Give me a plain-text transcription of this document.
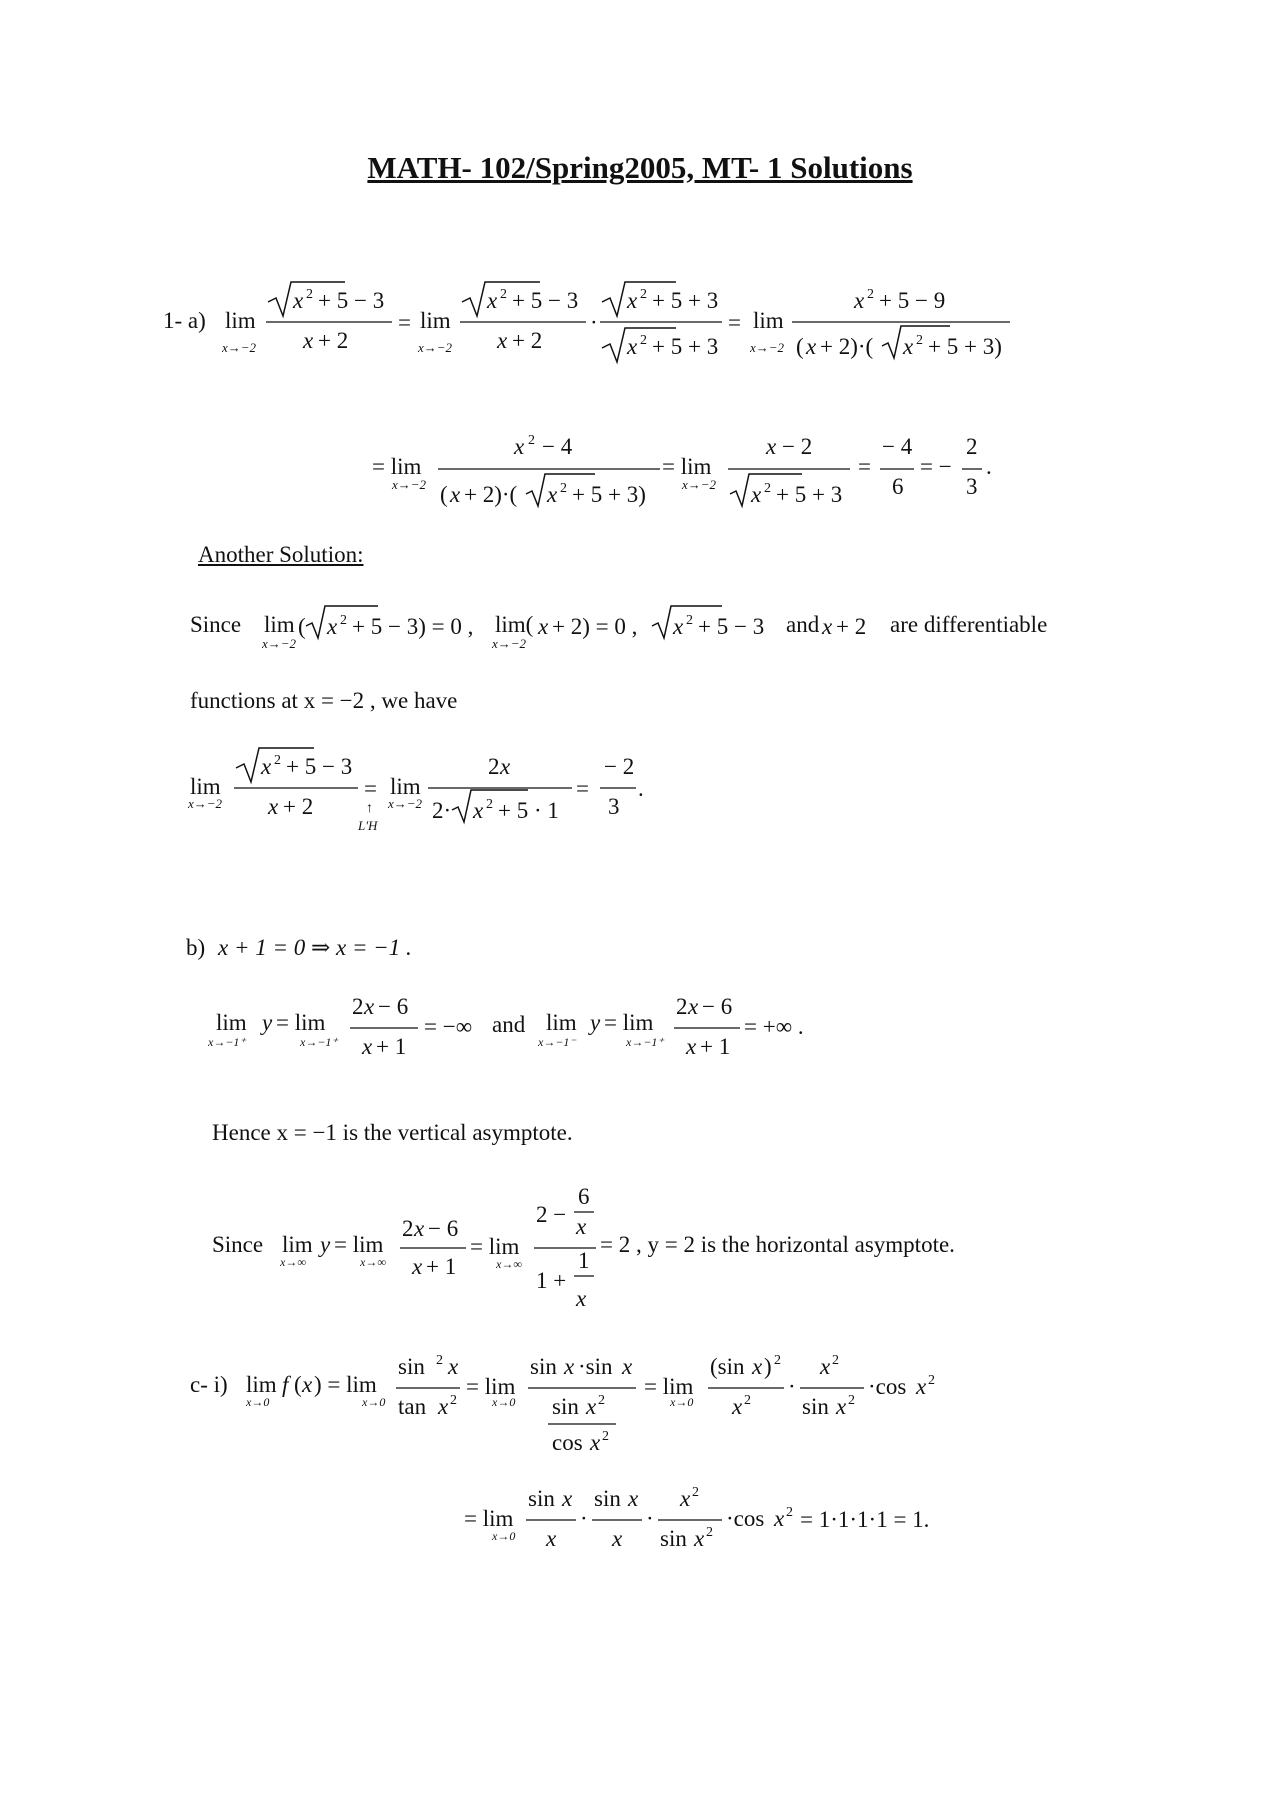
MATH- 102/Spring2005, MT- 1 Solutions
1- a) lim
x→−2
x 2 + 5 − 3
x + 2
= lim
x→−2
x 2 + 5 − 3
x + 2
·
x 2 + 5 + 3
x 2 + 5 + 3
= lim
x→−2
x 2 + 5 − 9
( x + 2)·( x 2 + 5 + 3)
= lim
x→−2
x 2 − 4
( x + 2)·( x 2 + 5 + 3)
= lim
x→−2
x − 2
x 2 + 5 + 3
=
− 4
6
= −
2
3
.
Another Solution:
Since lim
x→−2
( x 2 + 5 − 3) = 0 , lim(
x→−2
x + 2) = 0 , x 2 + 5 − 3	x + 2
and	are differentiable
functions at x = −2 , we have
lim
x→−2
x 2 + 5 − 3
x + 2
=
↑
lim
x→−2
2 x
2· x 2 + 5 · 1
=
− 2
3
.
L'H
b) x + 1 = 0 ⇒ x = −1 .
lim
x→−1⁺
y = lim
x→−1⁺
2 x − 6
x + 1
= −∞	lim
x→−1⁻
y = lim
x→−1⁺
2 x − 6
x + 1
= +∞ .
and
Hence x = −1 is the vertical asymptote.
Since lim
x→∞
y = lim
x→∞
2 x − 6
x + 1
= lim
x→∞
6
2 − x
1
1 +
x
= 2 , y = 2 is the horizontal asymptote.
c- i) lim
x→0
f ( x ) = lim
x→0
sin 2 x
tan x 2
= lim
x→0
sin x ·sin x
sin x 2
cos x 2
= lim
x→0
(sin x ) 2
x 2
·
x 2
sin x 2
·cos x 2
= lim
x→0
sin x
x
·
sin x
x
·
x 2
sin x 2
·cos x 2 = 1·1·1·1 = 1.
